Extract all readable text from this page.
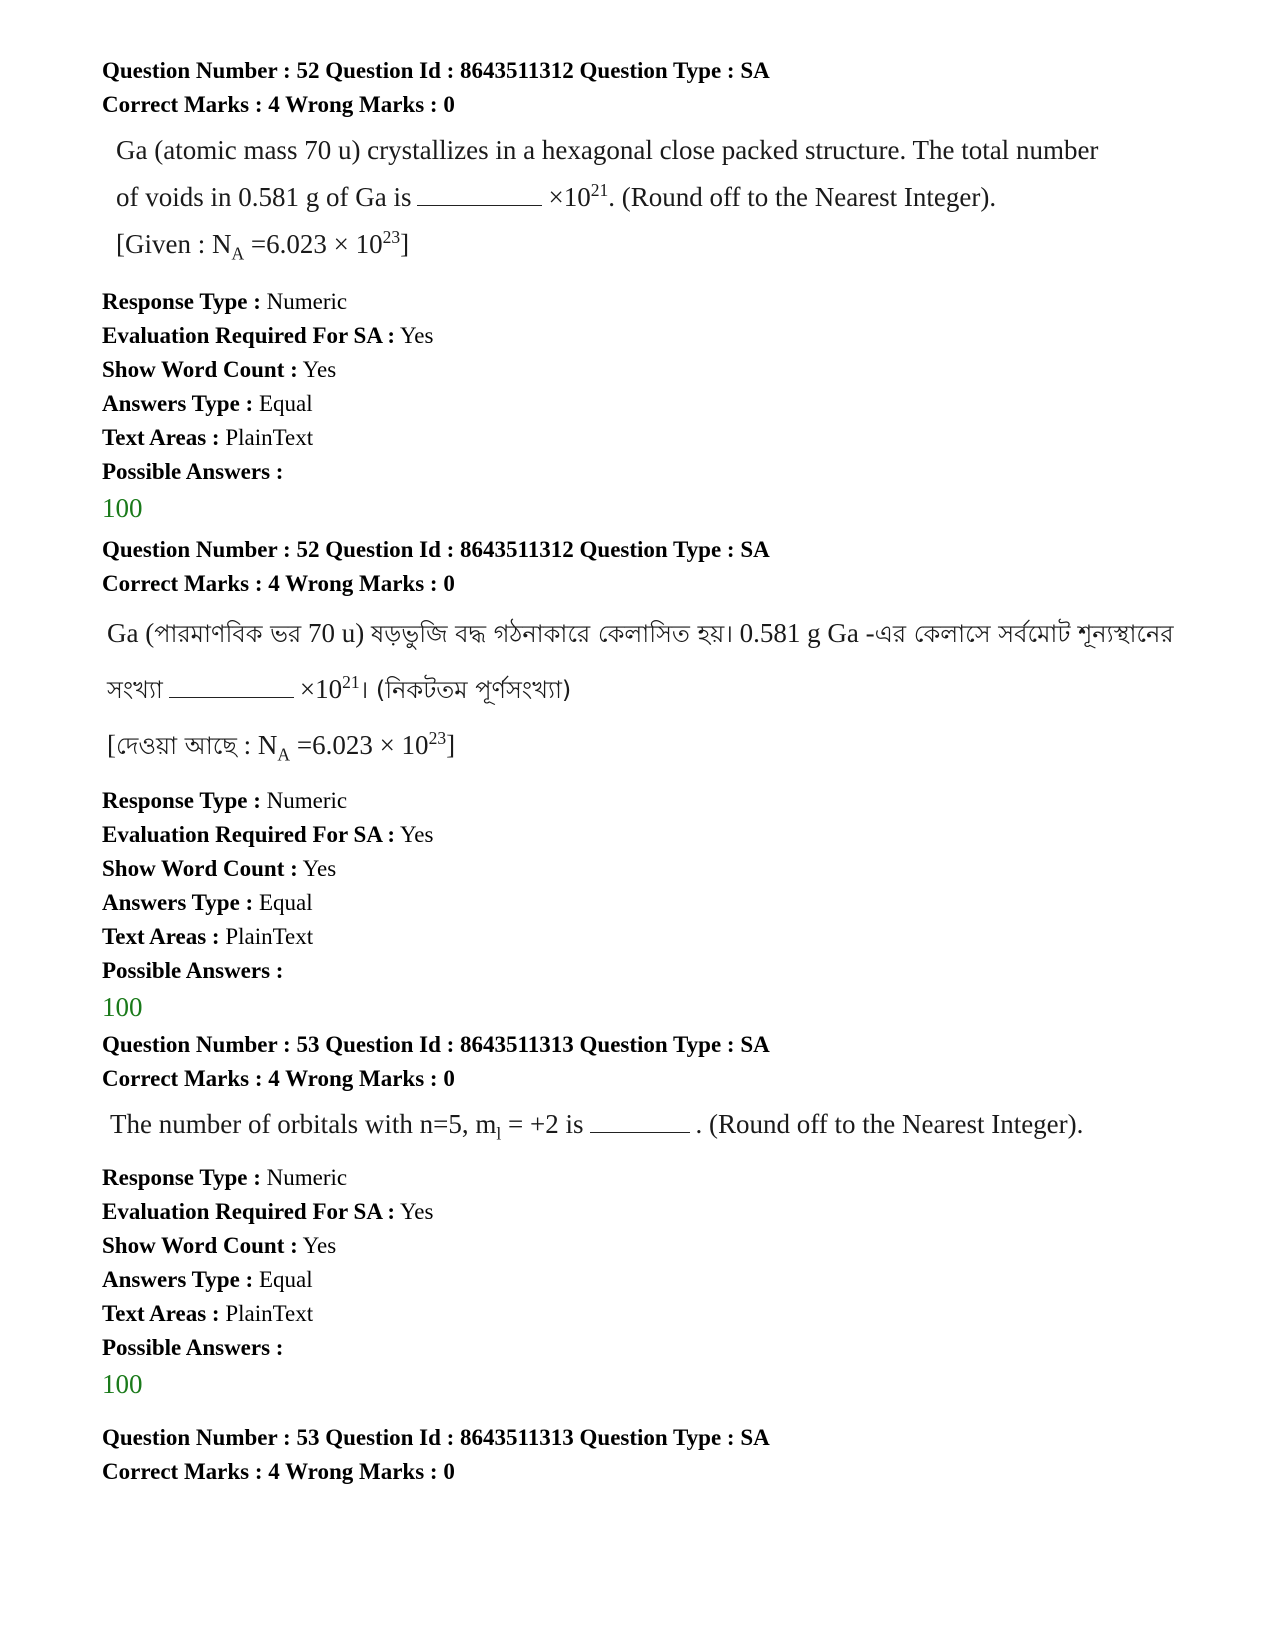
Question Number : 52 Question Id : 8643511312 Question Type : SA
Correct Marks : 4 Wrong Marks : 0
Ga (atomic mass 70 u) crystallizes in a hexagonal close packed structure. The total number
of voids in 0.581 g of Ga is	$\times 10^{21}$. (Round off to the Nearest Integer).
[Given : $N_A =6.023 \times 10^{23}$]
Response Type : Numeric
Evaluation Required For SA : Yes
Show Word Count : Yes
Answers Type : Equal
Text Areas : PlainText
Possible Answers :
100
Question Number : 52 Question Id : 8643511312 Question Type : SA
Correct Marks : 4 Wrong Marks : 0
Ga (পারমাণবিক ভর 70 u) ষড়ভুজি বদ্ধ গঠনাকারে কেলাসিত হয়। 0.581 g Ga -এর কেলাসে সর্বমোট শূন্যস্থানের
সংখ্যা	$\times 10^{21}।$ (নিকটতম পূর্ণসংখ্যা)
[দেওয়া আছে : $N_A =6.023 \times 10^{23}$]
Response Type : Numeric
Evaluation Required For SA : Yes
Show Word Count : Yes
Answers Type : Equal
Text Areas : PlainText
Possible Answers :
100
Question Number : 53 Question Id : 8643511313 Question Type : SA
Correct Marks : 4 Wrong Marks : 0
The number of orbitals with n=5, $m_l = +2$ is	. (Round off to the Nearest Integer).
Response Type : Numeric
Evaluation Required For SA : Yes
Show Word Count : Yes
Answers Type : Equal
Text Areas : PlainText
Possible Answers :
100
Question Number : 53 Question Id : 8643511313 Question Type : SA
Correct Marks : 4 Wrong Marks : 0
